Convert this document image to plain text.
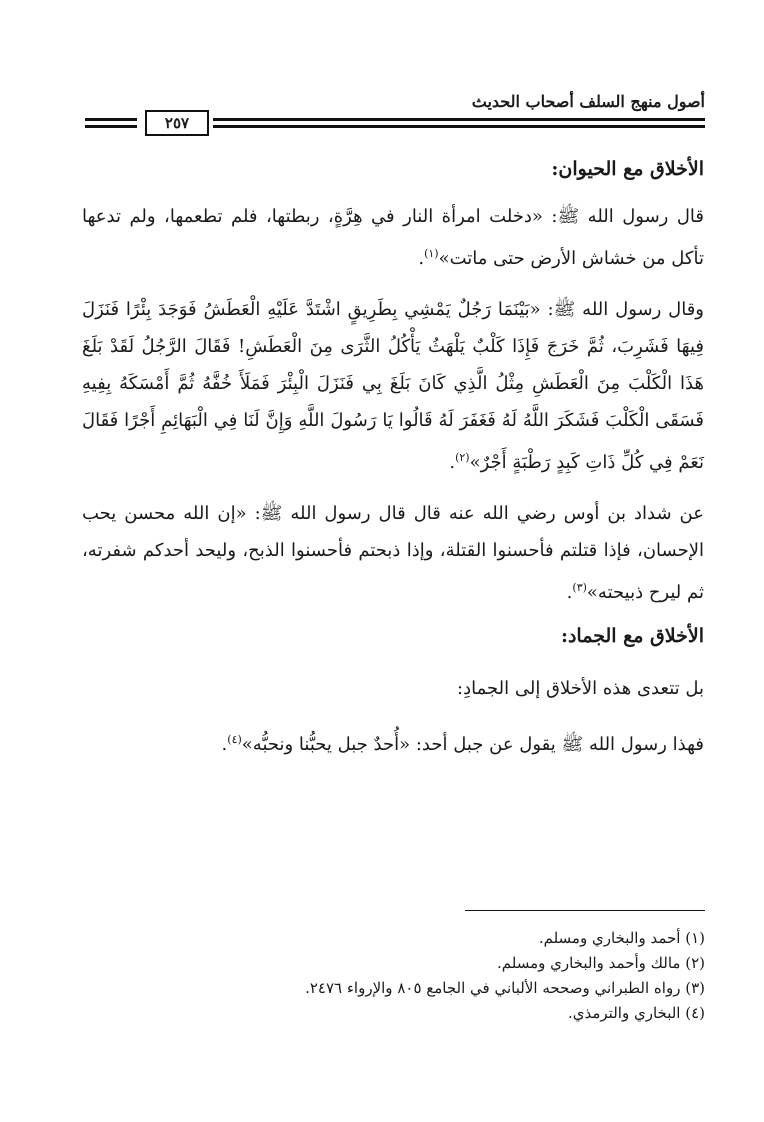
أصول منهج السلف أصحاب الحديث
٢٥٧
الأخلاق مع الحيوان:

قال رسول الله ﷺ: «دخلت امرأة النار في هِرَّةٍ، ربطتها، فلم تطعمها، ولم تدعها تأكل من خشاش الأرض حتى ماتت»$^{(١)}$.

وقال رسول الله ﷺ: «بَيْنَمَا رَجُلٌ يَمْشِي بِطَرِيقٍ اشْتَدَّ عَلَيْهِ الْعَطَشُ فَوَجَدَ بِئْرًا فَنَزَلَ فِيهَا فَشَرِبَ، ثُمَّ خَرَجَ فَإِذَا كَلْبٌ يَلْهَثُ يَأْكُلُ الثَّرَى مِنَ الْعَطَشِ! فَقَالَ الرَّجُلُ لَقَدْ بَلَغَ هَذَا الْكَلْبَ مِنَ الْعَطَشِ مِثْلُ الَّذِي كَانَ بَلَغَ بِي فَنَزَلَ الْبِئْرَ فَمَلَأَ خُفَّهُ ثُمَّ أَمْسَكَهُ بِفِيهِ فَسَقَى الْكَلْبَ فَشَكَرَ اللَّهُ لَهُ فَغَفَرَ لَهُ قَالُوا يَا رَسُولَ اللَّهِ وَإِنَّ لَنَا فِي الْبَهَائِمِ أَجْرًا فَقَالَ نَعَمْ فِي كُلِّ ذَاتِ كَبِدٍ رَطْبَةٍ أَجْرٌ»$^{(٢)}$.

عن شداد بن أوس رضي الله عنه قال قال رسول الله ﷺ: «إن الله محسن يحب الإحسان، فإذا قتلتم فأحسنوا القتلة، وإذا ذبحتم فأحسنوا الذبح، وليحد أحدكم شفرته، ثم ليرح ذبيحته»$^{(٣)}$.

الأخلاق مع الجماد:

بل تتعدى هذه الأخلاق إلى الجمادِ:

فهذا رسول الله ﷺ يقول عن جبل أحد: «أُحدٌ جبل يحبُّنا ونحبُّه»$^{(٤)}$.

(١) أحمد والبخاري ومسلم.

(٢) مالك وأحمد والبخاري ومسلم.

(٣) رواه الطبراني وصححه الألباني في الجامع ٨٠٥ والإرواء ٢٤٧٦.

(٤) البخاري والترمذي.
